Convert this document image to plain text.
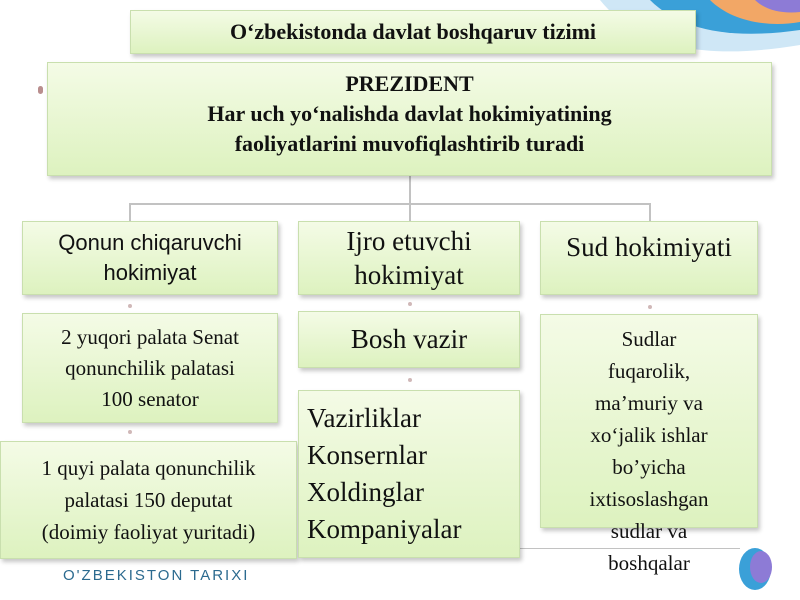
O‘zbekistonda davlat boshqaruv tizimi
PREZIDENT
Har uch yo‘nalishda davlat hokimiyatining
faoliyatlarini muvofiqlashtirib turadi
Qonun chiqaruvchi
hokimiyat
2 yuqori palata Senat
qonunchilik palatasi
100 senator
1 quyi palata qonunchilik
palatasi 150 deputat
(doimiy faoliyat yuritadi)
Ijro etuvchi
hokimiyat
Bosh vazir
Vazirliklar
Konsernlar
Xoldinglar
Kompaniyalar
Sud hokimiyati
Sudlar
fuqarolik,
ma’muriy va
xo‘jalik ishlar
bo’yicha
ixtisoslashgan
sudlar va
boshqalar
O'ZBEKISTON TARIXI
